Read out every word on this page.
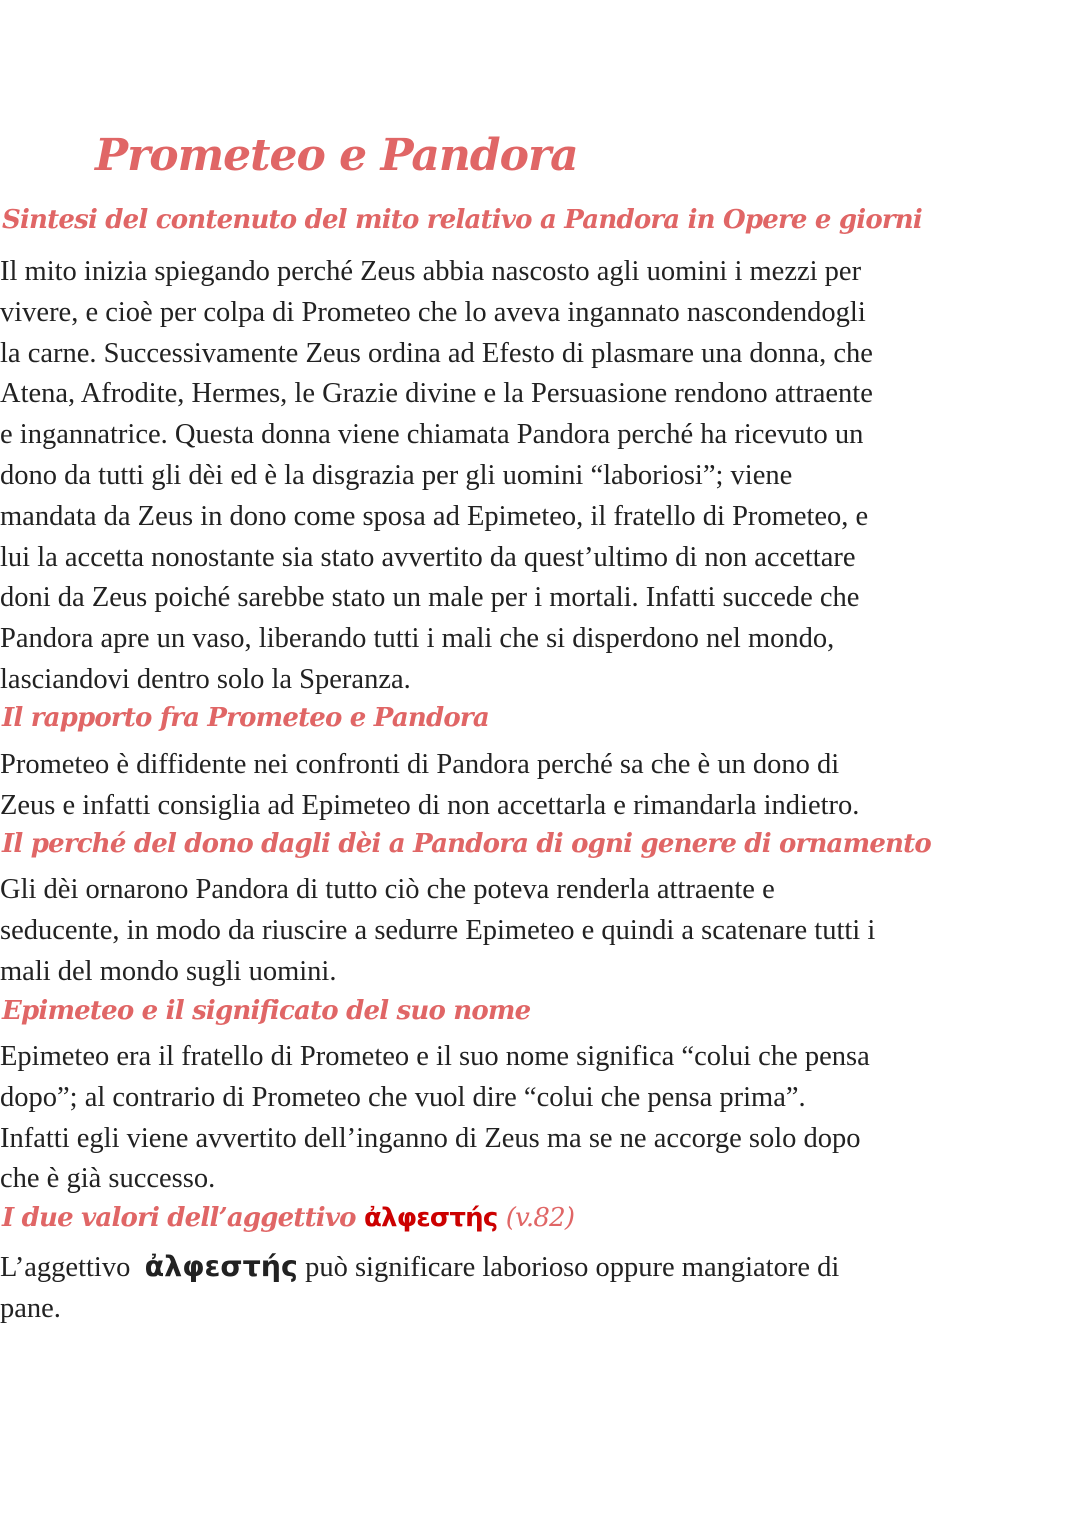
Prometeo e Pandora
Sintesi del contenuto del mito relativo a Pandora in Opere e giorni

Il mito inizia spiegando perché Zeus abbia nascosto agli uomini i mezzi per
vivere, e cioè per colpa di Prometeo che lo aveva ingannato nascondendogli
la carne. Successivamente Zeus ordina ad Efesto di plasmare una donna, che
Atena, Afrodite, Hermes, le Grazie divine e la Persuasione rendono attraente
e ingannatrice. Questa donna viene chiamata Pandora perché ha ricevuto un
dono da tutti gli dèi ed è la disgrazia per gli uomini “laboriosi”; viene
mandata da Zeus in dono come sposa ad Epimeteo, il fratello di Prometeo, e
lui la accetta nonostante sia stato avvertito da quest’ultimo di non accettare
doni da Zeus poiché sarebbe stato un male per i mortali. Infatti succede che
Pandora apre un vaso, liberando tutti i mali che si disperdono nel mondo,
lasciandovi dentro solo la Speranza.

Il rapporto fra Prometeo e Pandora

Prometeo è diffidente nei confronti di Pandora perché sa che è un dono di
Zeus e infatti consiglia ad Epimeteo di non accettarla e rimandarla indietro.

Il perché del dono dagli dèi a Pandora di ogni genere di ornamento

Gli dèi ornarono Pandora di tutto ciò che poteva renderla attraente e
seducente, in modo da riuscire a sedurre Epimeteo e quindi a scatenare tutti i
mali del mondo sugli uomini.

Epimeteo e il significato del suo nome

Epimeteo era il fratello di Prometeo e il suo nome significa “colui che pensa
dopo”; al contrario di Prometeo che vuol dire “colui che pensa prima”.
Infatti egli viene avvertito dell’inganno di Zeus ma se ne accorge solo dopo
che è già successo.

I due valori dell’aggettivo ἀλφεστής (v.82)

L’aggettivo ἀλφεστής può significare laborioso oppure mangiatore di
pane.
